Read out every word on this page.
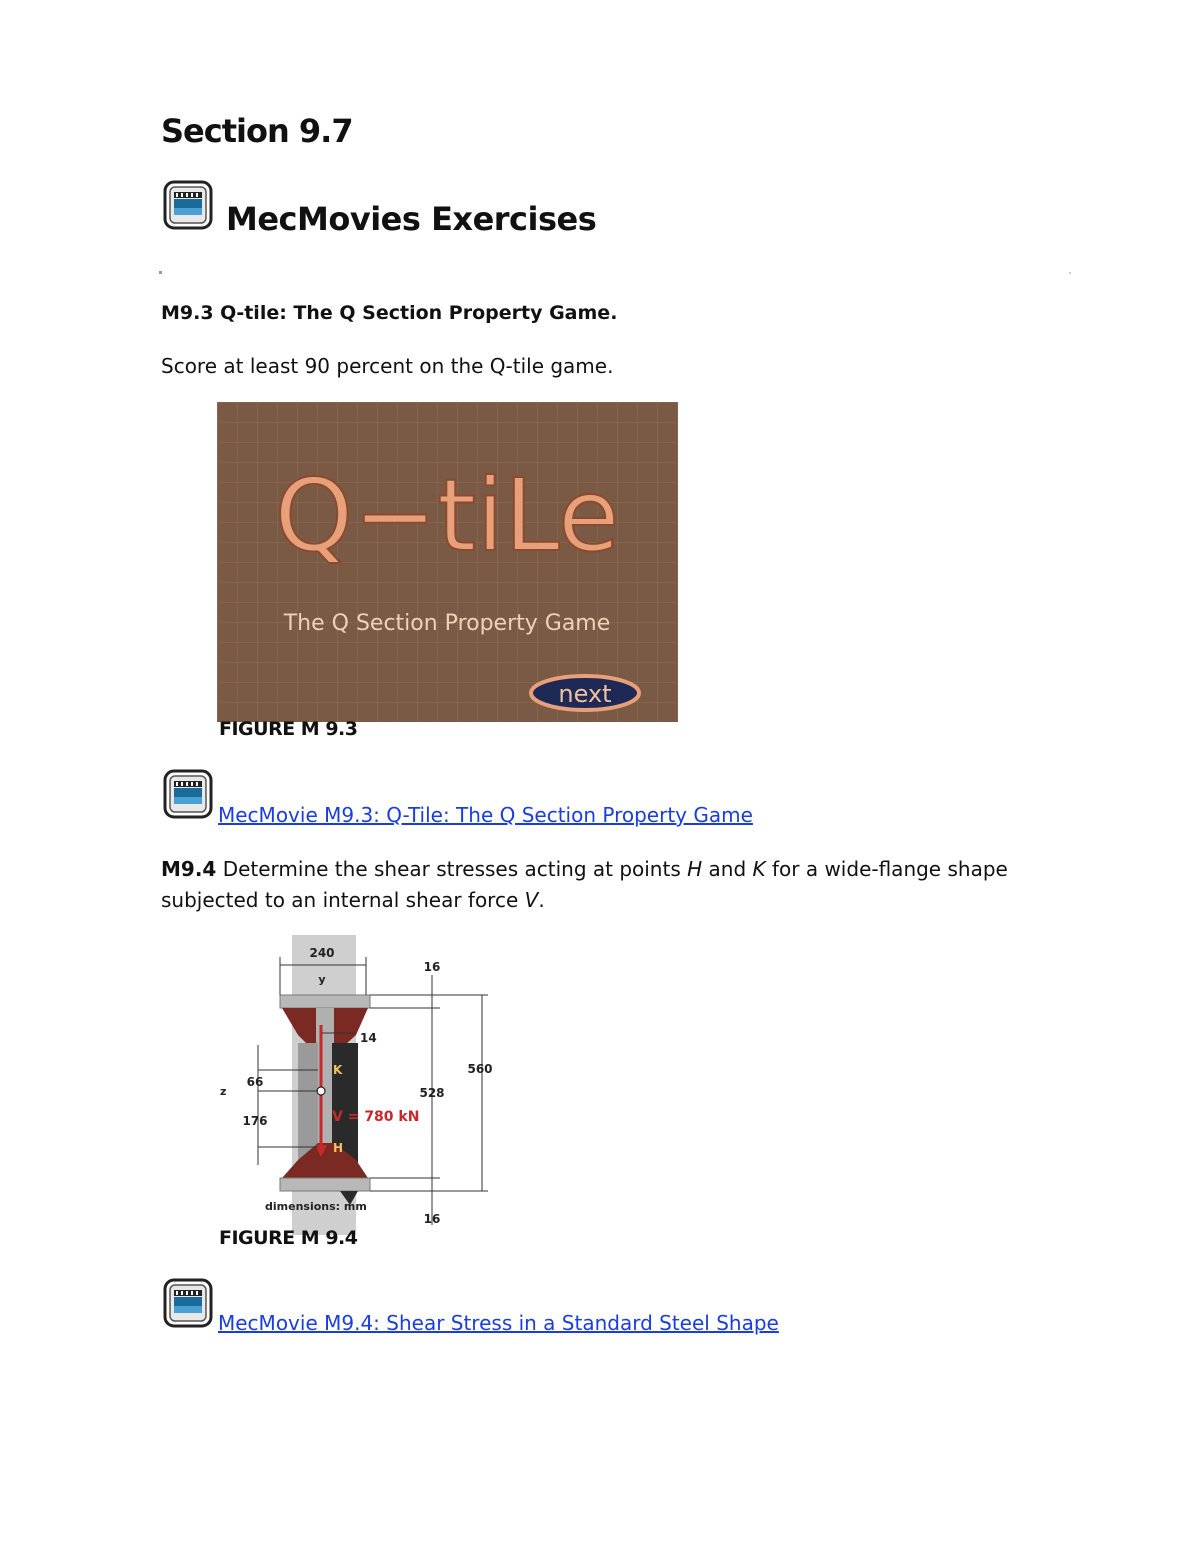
Section 9.7
MecMovies Exercises
M9.3 Q‐tile: The Q Section Property Game.
Score at least 90 percent on the Q‐tile game.
Q−tiLe
The Q Section Property Game
next
FIGURE M 9.3
MecMovie M9.3: Q-Tile: The Q Section Property Game
M9.4 Determine the shear stresses acting at points H and K for a wide‐flange shape subjected to an internal shear force V.
240
y
z
16
16
14
528
560
66
176
K
H
V = 780 kN
dimensions: mm
FIGURE M 9.4
MecMovie M9.4: Shear Stress in a Standard Steel Shape
